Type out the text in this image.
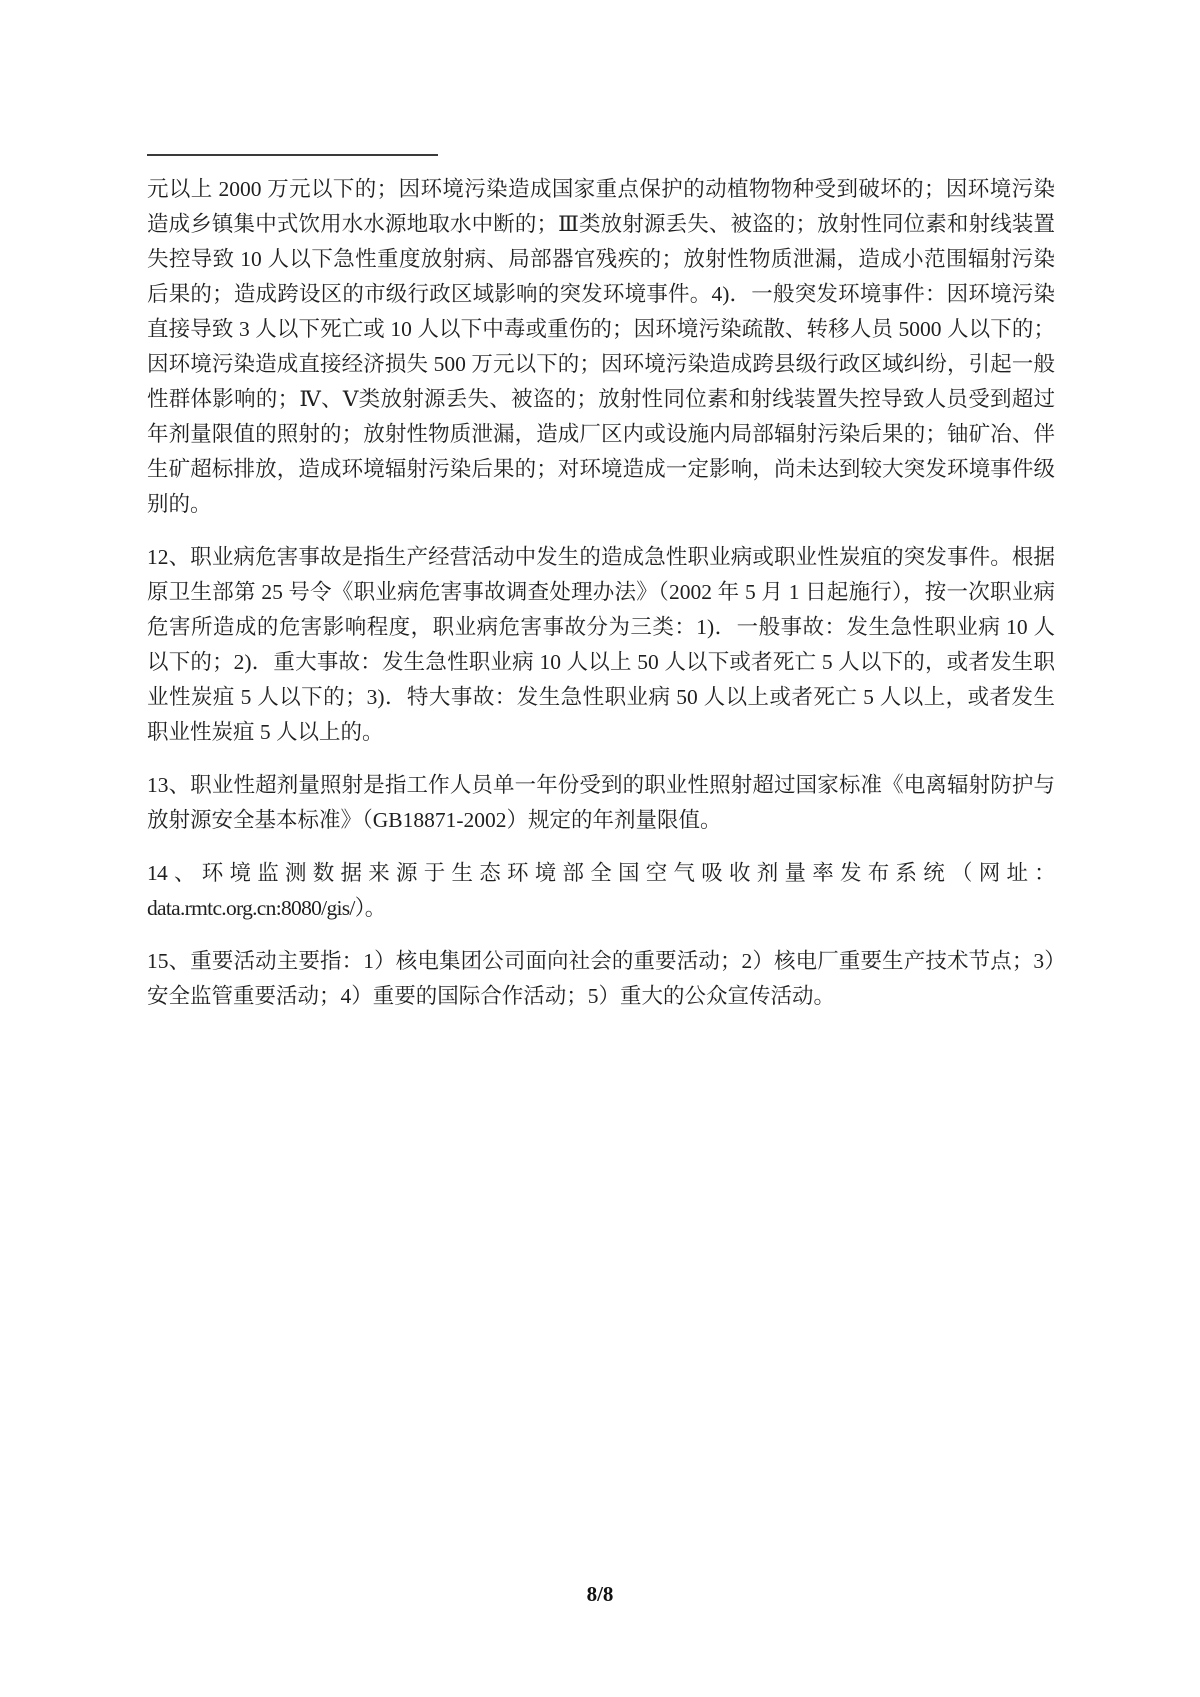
元以上 2000 万元以下的；因环境污染造成国家重点保护的动植物物种受到破坏的；因环境污染造成乡镇集中式饮用水水源地取水中断的；Ⅲ类放射源丢失、被盗的；放射性同位素和射线装置失控导致 10 人以下急性重度放射病、局部器官残疾的；放射性物质泄漏，造成小范围辐射污染后果的；造成跨设区的市级行政区域影响的突发环境事件。4)．一般突发环境事件：因环境污染直接导致 3 人以下死亡或 10 人以下中毒或重伤的；因环境污染疏散、转移人员 5000 人以下的；因环境污染造成直接经济损失 500 万元以下的；因环境污染造成跨县级行政区域纠纷，引起一般性群体影响的；Ⅳ、Ⅴ类放射源丢失、被盗的；放射性同位素和射线装置失控导致人员受到超过年剂量限值的照射的；放射性物质泄漏，造成厂区内或设施内局部辐射污染后果的；铀矿冶、伴生矿超标排放，造成环境辐射污染后果的；对环境造成一定影响，尚未达到较大突发环境事件级别的。

12、职业病危害事故是指生产经营活动中发生的造成急性职业病或职业性炭疽的突发事件。根据原卫生部第 25 号令《职业病危害事故调查处理办法》（2002 年 5 月 1 日起施行），按一次职业病危害所造成的危害影响程度，职业病危害事故分为三类：1)．一般事故：发生急性职业病 10 人以下的；2)．重大事故：发生急性职业病 10 人以上 50 人以下或者死亡 5 人以下的，或者发生职业性炭疽 5 人以下的；3)．特大事故：发生急性职业病 50 人以上或者死亡 5 人以上，或者发生职业性炭疽 5 人以上的。

13、职业性超剂量照射是指工作人员单一年份受到的职业性照射超过国家标准《电离辐射防护与放射源安全基本标准》（GB18871-2002）规定的年剂量限值。

14、环境监测数据来源于生态环境部全国空气吸收剂量率发布系统（网址：data.rmtc.org.cn:8080/gis/）。

15、重要活动主要指：1）核电集团公司面向社会的重要活动；2）核电厂重要生产技术节点；3）安全监管重要活动；4）重要的国际合作活动；5）重大的公众宣传活动。

8/8
